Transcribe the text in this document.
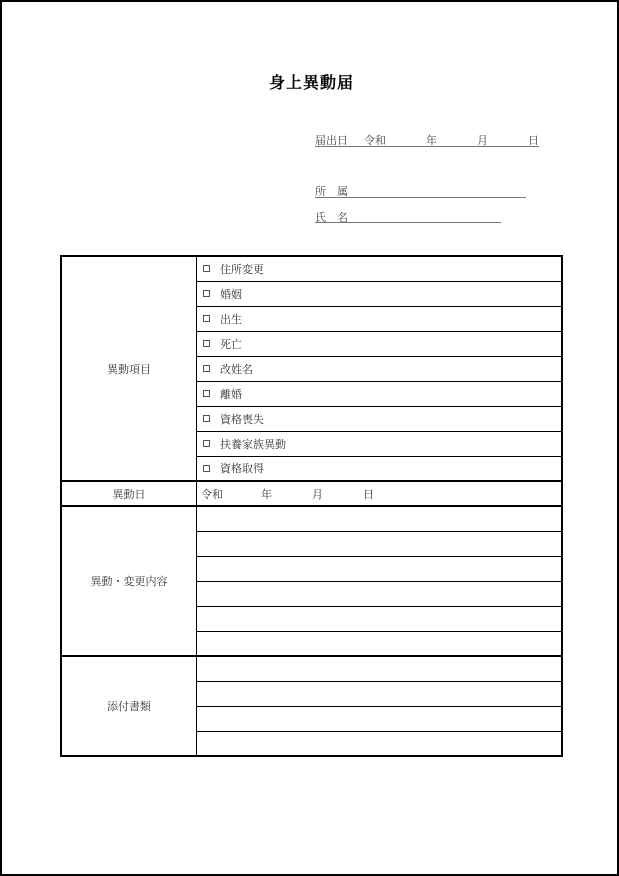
身上異動届
届出日 令和	年	月	日
所　属
氏　名
異動項目	住所変更
	婚姻
	出生
	死亡
	改姓名
	離婚
	資格喪失
	扶養家族異動
	資格取得
異動日	令和 年 月 日
異動・変更内容	

添付書類	
